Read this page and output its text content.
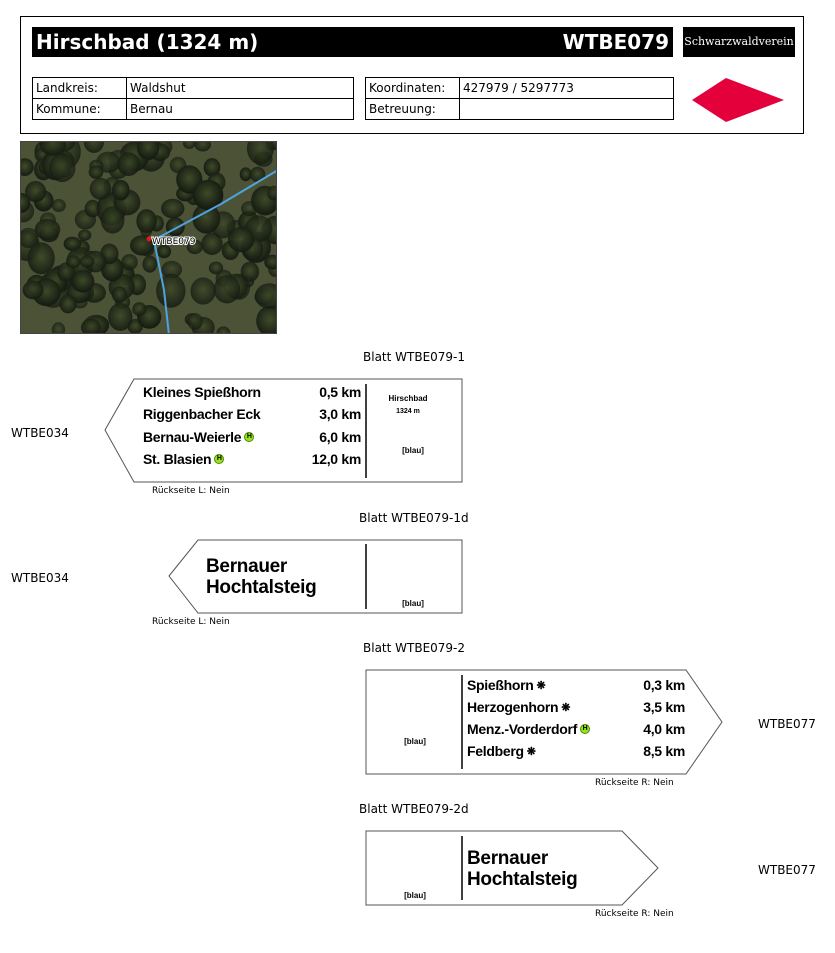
Hirschbad (1324 m)	WTBE079 Schwarzwaldverein
Landkreis:	Waldshut
Kommune:	Bernau
Koordinaten:	427979 / 5297773
Betreuung:	
WTBE079
Blatt WTBE079-1
WTBE034
Kleines Spießhorn	0,5 km
Riggenbacher Eck	3,0 km
Bernau-Weierle H	6,0 km
St. Blasien H	12,0 km
Hirschbad
1324 m
[blau]
Rückseite L: Nein
Blatt WTBE079-1d
WTBE034
Bernauer
Hochtalsteig
[blau]
Rückseite L: Nein
Blatt WTBE079-2
WTBE077
[blau]
Spießhorn ❋	0,3 km
Herzogenhorn ❋	3,5 km
Menz.-Vorderdorf H	4,0 km
Feldberg ❋	8,5 km
Rückseite R: Nein
Blatt WTBE079-2d
WTBE077
[blau]
Bernauer
Hochtalsteig
Rückseite R: Nein
